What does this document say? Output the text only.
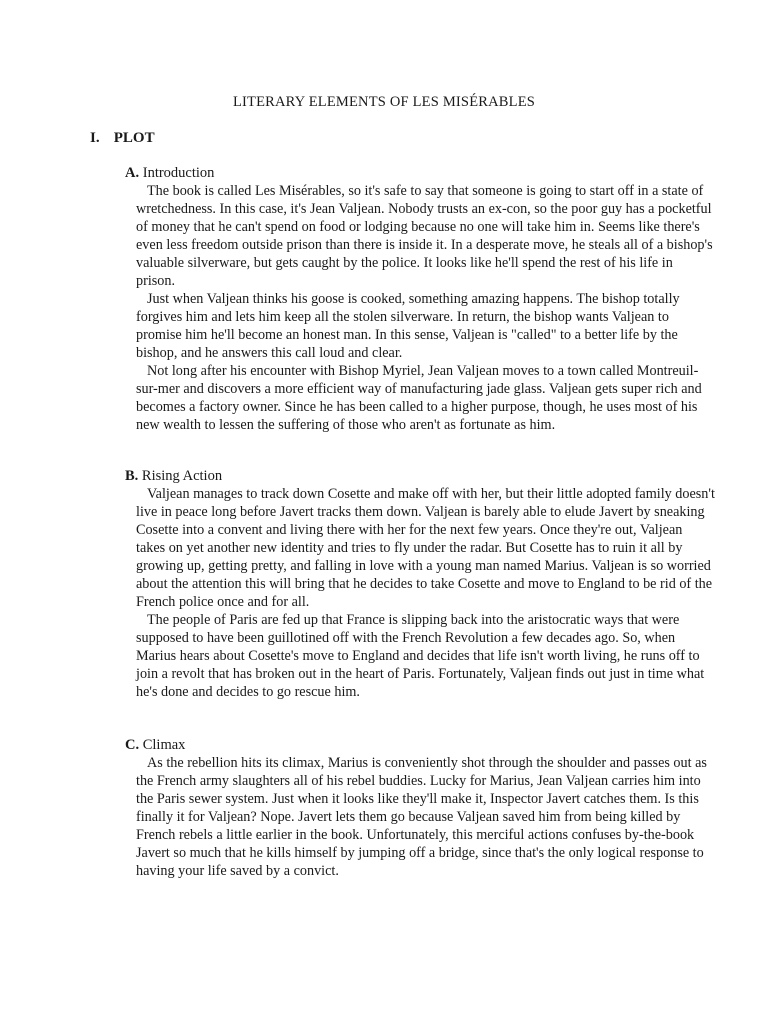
LITERARY ELEMENTS OF LES MISÉRABLES
I. PLOT

A. Introduction

The book is called Les Misérables, so it's safe to say that someone is going to start off in a state of wretchedness. In this case, it's Jean Valjean. Nobody trusts an ex-con, so the poor guy has a pocketful of money that he can't spend on food or lodging because no one will take him in. Seems like there's even less freedom outside prison than there is inside it. In a desperate move, he steals all of a bishop's valuable silverware, but gets caught by the police. It looks like he'll spend the rest of his life in prison.

Just when Valjean thinks his goose is cooked, something amazing happens. The bishop totally forgives him and lets him keep all the stolen silverware. In return, the bishop wants Valjean to promise him he'll become an honest man. In this sense, Valjean is "called" to a better life by the bishop, and he answers this call loud and clear.

Not long after his encounter with Bishop Myriel, Jean Valjean moves to a town called Montreuil-sur-mer and discovers a more efficient way of manufacturing jade glass. Valjean gets super rich and becomes a factory owner. Since he has been called to a higher purpose, though, he uses most of his new wealth to lessen the suffering of those who aren't as fortunate as him.

B. Rising Action

Valjean manages to track down Cosette and make off with her, but their little adopted family doesn't live in peace long before Javert tracks them down. Valjean is barely able to elude Javert by sneaking Cosette into a convent and living there with her for the next few years. Once they're out, Valjean takes on yet another new identity and tries to fly under the radar. But Cosette has to ruin it all by growing up, getting pretty, and falling in love with a young man named Marius. Valjean is so worried about the attention this will bring that he decides to take Cosette and move to England to be rid of the French police once and for all.

The people of Paris are fed up that France is slipping back into the aristocratic ways that were supposed to have been guillotined off with the French Revolution a few decades ago. So, when Marius hears about Cosette's move to England and decides that life isn't worth living, he runs off to join a revolt that has broken out in the heart of Paris. Fortunately, Valjean finds out just in time what he's done and decides to go rescue him.

C. Climax

As the rebellion hits its climax, Marius is conveniently shot through the shoulder and passes out as the French army slaughters all of his rebel buddies. Lucky for Marius, Jean Valjean carries him into the Paris sewer system. Just when it looks like they'll make it, Inspector Javert catches them. Is this finally it for Valjean? Nope. Javert lets them go because Valjean saved him from being killed by French rebels a little earlier in the book. Unfortunately, this merciful actions confuses by-the-book Javert so much that he kills himself by jumping off a bridge, since that's the only logical response to having your life saved by a convict.
